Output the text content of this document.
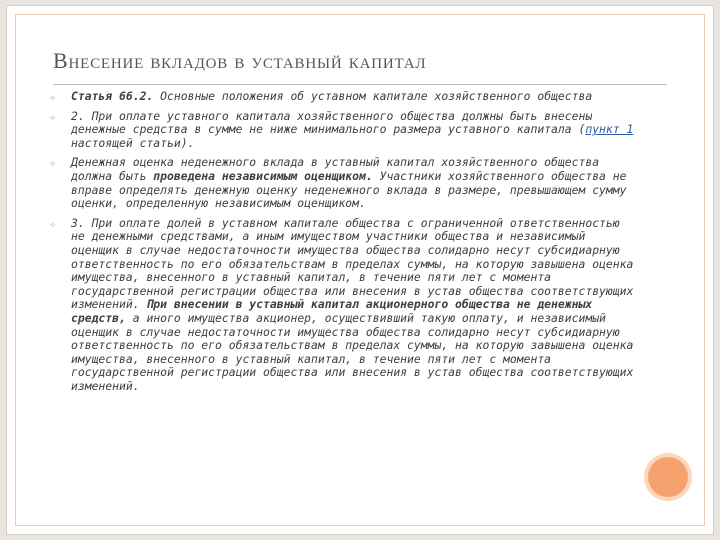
Внесение вкладов в уставный капитал
✧ Статья 66.2. Основные положения об уставном капитале хозяйственного общества
✧ 2. При оплате уставного капитала хозяйственного общества должны быть внесены денежные средства в сумме не ниже минимального размера уставного капитала (пункт 1 настоящей статьи).
✧ Денежная оценка неденежного вклада в уставный капитал хозяйственного общества должна быть проведена независимым оценщиком. Участники хозяйственного общества не вправе определять денежную оценку неденежного вклада в размере, превышающем сумму оценки, определенную независимым оценщиком.
✧ 3. При оплате долей в уставном капитале общества с ограниченной ответственностью не денежными средствами, а иным имуществом участники общества и независимый оценщик в случае недостаточности имущества общества солидарно несут субсидиарную ответственность по его обязательствам в пределах суммы, на которую завышена оценка имущества, внесенного в уставный капитал, в течение пяти лет с момента государственной регистрации общества или внесения в устав общества соответствующих изменений. При внесении в уставный капитал акционерного общества не денежных средств, а иного имущества акционер, осуществивший такую оплату, и независимый оценщик в случае недостаточности имущества общества солидарно несут субсидиарную ответственность по его обязательствам в пределах суммы, на которую завышена оценка имущества, внесенного в уставный капитал, в течение пяти лет с момента государственной регистрации общества или внесения в устав общества соответствующих изменений.
